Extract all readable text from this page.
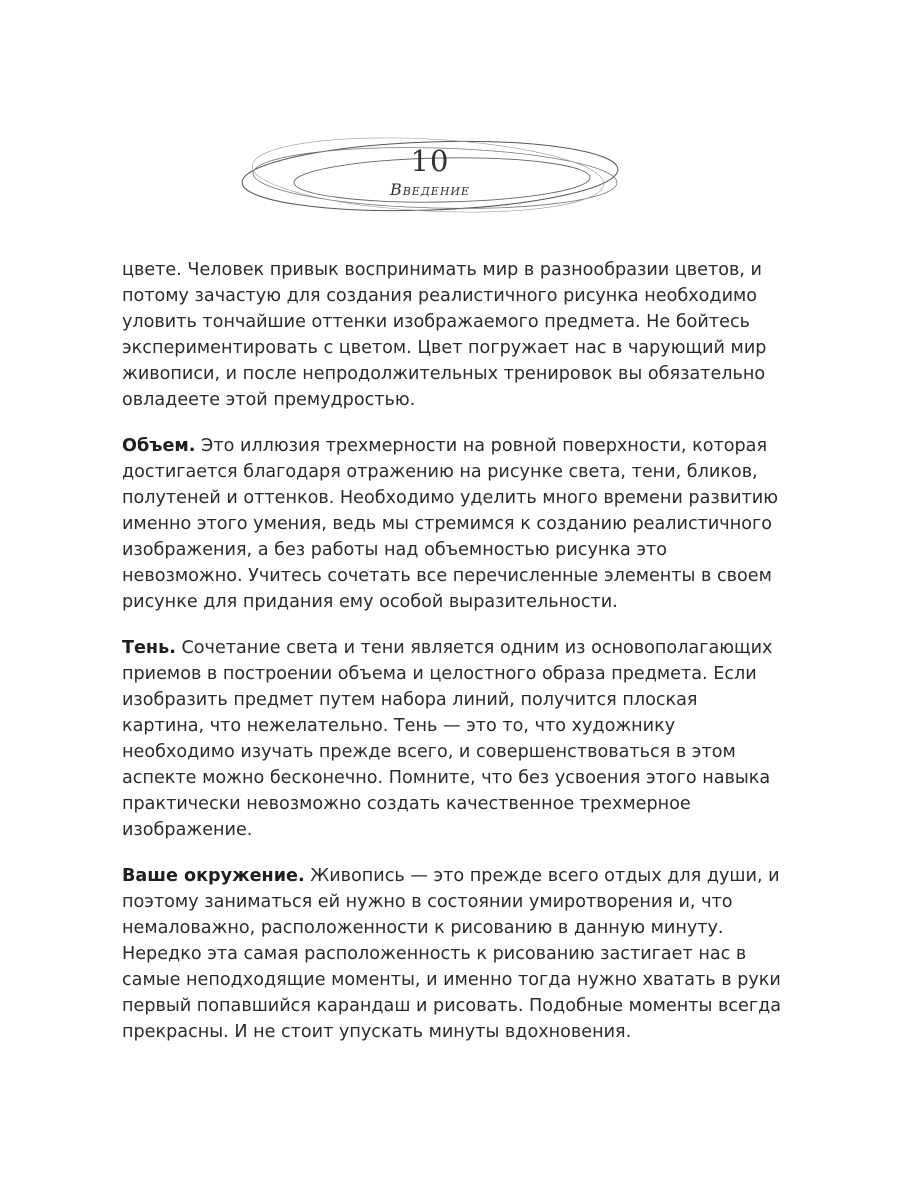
10
Введение

цвете. Человек привык воспринимать мир в разнообразии цветов, и потому зачастую для создания реалистичного рисунка необходимо уловить тончайшие оттенки изображаемого предмета. Не бойтесь экспериментировать с цветом. Цвет погружает нас в чарующий мир живописи, и после непродолжительных тренировок вы обязательно овладеете этой премудростью.

Объем. Это иллюзия трехмерности на ровной поверхности, которая достигается благодаря отражению на рисунке света, тени, бликов, полутеней и оттенков. Необходимо уделить много времени развитию именно этого умения, ведь мы стремимся к созданию реалистичного изображения, а без работы над объемностью рисунка это невозможно. Учитесь сочетать все перечисленные элементы в своем рисунке для придания ему особой выразительности.

Тень. Сочетание света и тени является одним из основополагающих приемов в построении объема и целостного образа предмета. Если изобразить предмет путем набора линий, получится плоская картина, что нежелательно. Тень — это то, что художнику необходимо изучать прежде всего, и совершенствоваться в этом аспекте можно бесконечно. Помните, что без усвоения этого навыка практически невозможно создать качественное трехмерное изображение.

Ваше окружение. Живопись — это прежде всего отдых для души, и поэтому заниматься ей нужно в состоянии умиротворения и, что немаловажно, расположенности к рисованию в данную минуту. Нередко эта самая расположенность к рисованию застигает нас в самые неподходящие моменты, и именно тогда нужно хватать в руки первый попавшийся карандаш и рисовать. Подобные моменты всегда прекрасны. И не стоит упускать минуты вдохновения.
